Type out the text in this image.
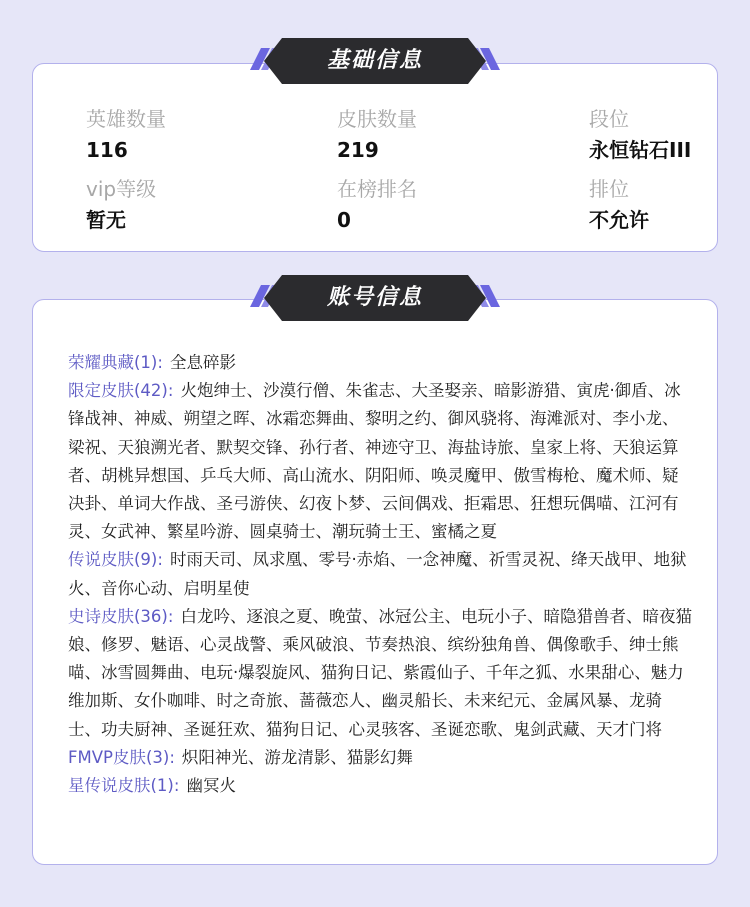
英雄数量
116
皮肤数量
219
段位
永恒钻石III
vip等级
暂无
在榜排名
0
排位
不允许
基础信息
荣耀典藏(1): 全息碎影
限定皮肤(42): 火炮绅士、沙漠行僧、朱雀志、大圣娶亲、暗影游猎、寅虎·御盾、冰锋战神、神威、朔望之晖、冰霜恋舞曲、黎明之约、御风骁将、海滩派对、李小龙、梁祝、天狼溯光者、默契交锋、孙行者、神迹守卫、海盐诗旅、皇家上将、天狼运算者、胡桃异想国、乒乓大师、高山流水、阴阳师、唤灵魔甲、傲雪梅枪、魔术师、疑决卦、单词大作战、圣弓游侠、幻夜卜梦、云间偶戏、拒霜思、狂想玩偶喵、江河有灵、女武神、繁星吟游、圆桌骑士、潮玩骑士王、蜜橘之夏
传说皮肤(9): 时雨天司、凤求凰、零号·赤焰、一念神魔、祈雪灵祝、绛天战甲、地狱火、音你心动、启明星使
史诗皮肤(36): 白龙吟、逐浪之夏、晚萤、冰冠公主、电玩小子、暗隐猎兽者、暗夜猫娘、修罗、魅语、心灵战警、乘风破浪、节奏热浪、缤纷独角兽、偶像歌手、绅士熊喵、冰雪圆舞曲、电玩·爆裂旋风、猫狗日记、紫霞仙子、千年之狐、水果甜心、魅力维加斯、女仆咖啡、时之奇旅、蔷薇恋人、幽灵船长、未来纪元、金属风暴、龙骑士、功夫厨神、圣诞狂欢、猫狗日记、心灵骇客、圣诞恋歌、鬼剑武藏、天才门将
FMVP皮肤(3): 炽阳神光、游龙清影、猫影幻舞
星传说皮肤(1): 幽冥火
账号信息
